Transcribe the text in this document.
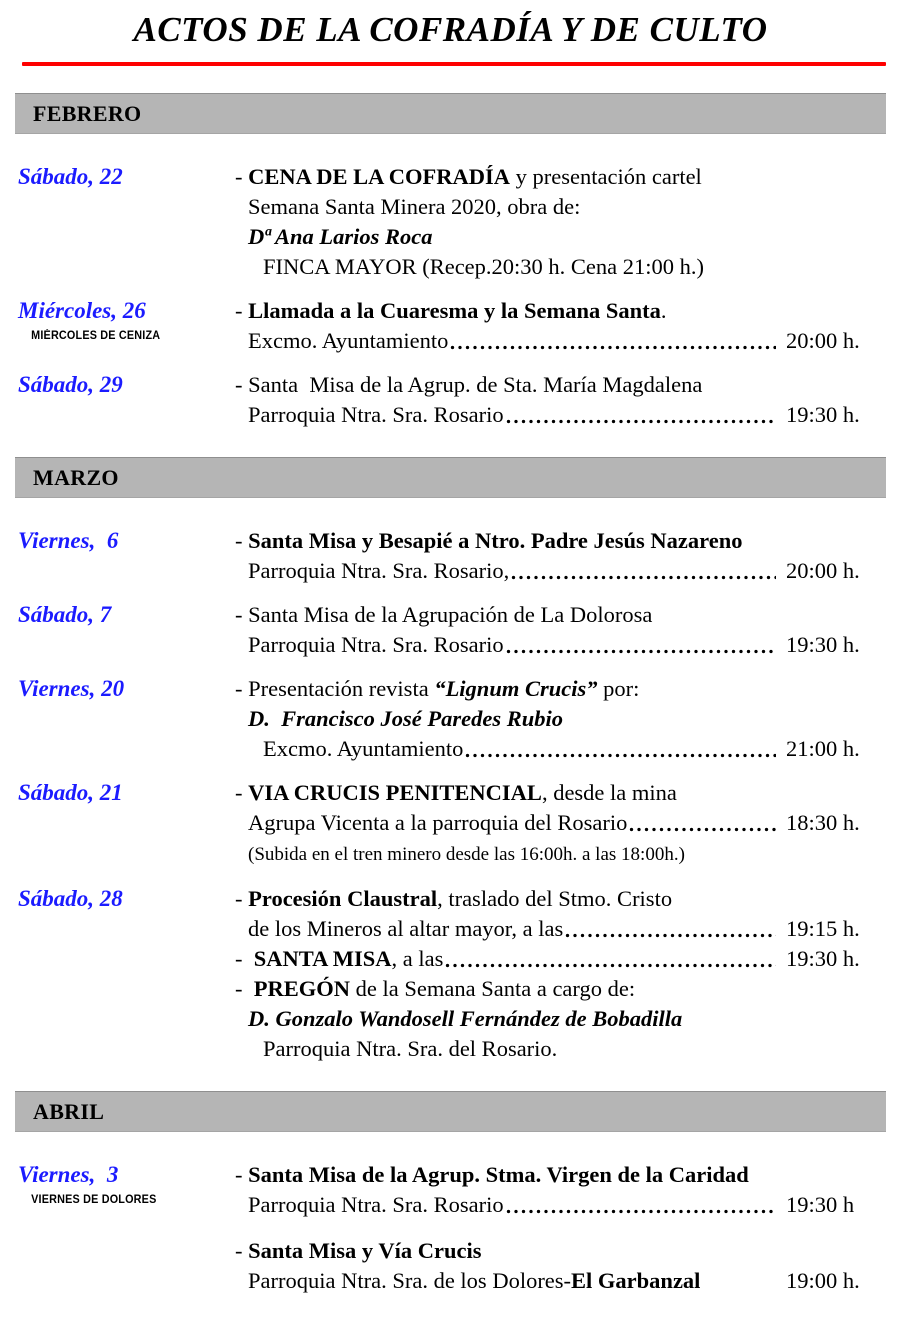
ACTOS DE LA COFRADÍA Y DE CULTO
FEBRERO
Sábado, 22	- CENA DE LA COFRADÍA y presentación cartel
Semana Santa Minera 2020, obra de:
Dª Ana Larios Roca
FINCA MAYOR (Recep.20:30 h. Cena 21:00 h.)
Miércoles, 26
MIÉRCOLES DE CENIZA
- Llamada a la Cuaresma y la Semana Santa.
Excmo. Ayuntamiento	20:00 h.
Sábado, 29	- Santa  Misa de la Agrup. de Sta. María Magdalena
Parroquia Ntra. Sra. Rosario	19:30 h.
MARZO
Viernes,  6	- Santa Misa y Besapié a Ntro. Padre Jesús Nazareno
Parroquia Ntra. Sra. Rosario,	20:00 h.
Sábado, 7	- Santa Misa de la Agrupación de La Dolorosa
Parroquia Ntra. Sra. Rosario	19:30 h.
Viernes, 20	- Presentación revista “Lignum Crucis” por:
D.  Francisco José Paredes Rubio
Excmo. Ayuntamiento	21:00 h.
Sábado, 21	- VIA CRUCIS PENITENCIAL, desde la mina
Agrupa Vicenta a la parroquia del Rosario	18:30 h.
(Subida en el tren minero desde las 16:00h. a las 18:00h.)
Sábado, 28	- Procesión Claustral, traslado del Stmo. Cristo
de los Mineros al altar mayor, a las	19:15 h.
-  SANTA MISA, a las	19:30 h.
-  PREGÓN de la Semana Santa a cargo de:
D. Gonzalo Wandosell Fernández de Bobadilla
Parroquia Ntra. Sra. del Rosario.
ABRIL
Viernes,  3
VIERNES DE DOLORES
- Santa Misa de la Agrup. Stma. Virgen de la Caridad
Parroquia Ntra. Sra. Rosario	19:30 h
- Santa Misa y Vía Crucis
Parroquia Ntra. Sra. de los Dolores-El Garbanzal	19:00 h.
